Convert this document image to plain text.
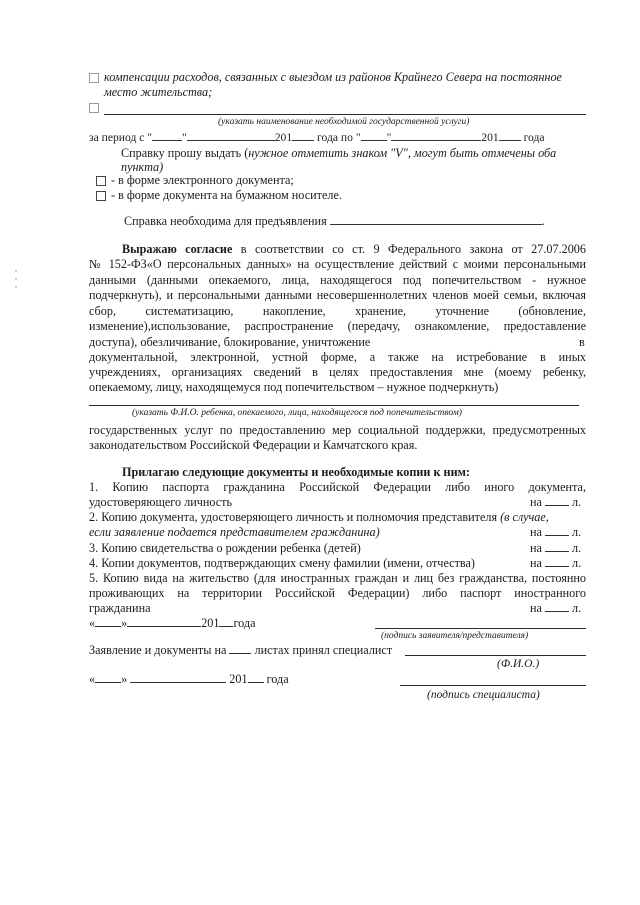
компенсации расходов, связанных с выездом из районов Крайнего Севера на постоянное
место жительства;
(указать наименование необходимой государственной услуги)
за период с "	"	201 года по " "	201 года
Справку прошу выдать (нужное отметить знаком "V", могут быть отмечены оба
пункта)
- в форме электронного документа;
- в форме документа на бумажном носителе.
Справка необходима для предъявления	.
Выражаю согласие в соответствии со ст. 9 Федерального закона от 27.07.2006
№ 152-ФЗ«О персональных данных» на осуществление действий с моими персональными
данными (данными опекаемого, лица, находящегося под попечительством - нужное
подчеркнуть), и персональными данными несовершеннолетних членов моей семьи, включая
сбор, систематизацию, накопление, хранение, уточнение (обновление,
изменение),использование, распространение (передачу, ознакомление, предоставление
доступа), обезличивание, блокирование, уничтожение	в
документальной, электронной, устной форме, а также на истребование в иных
учреждениях, организациях сведений в целях предоставления мне (моему ребенку,
опекаемому, лицу, находящемуся под попечительством – нужное подчеркнуть)
(указать Ф.И.О. ребенка, опекаемого, лица, находящегося под попечительством)
государственных услуг по предоставлению мер социальной поддержки, предусмотренных
законодательством Российской Федерации и Камчатского края.
Прилагаю следующие документы и необходимые копии к ним:
1. Копию паспорта гражданина Российской Федерации либо иного документа,
удостоверяющего личность	на л.
2. Копию документа, удостоверяющего личность и полномочия представителя (в случае,
если заявление подается представителем гражданина)	на л.
3. Копию свидетельства о рождении ребенка (детей)	на л.
4. Копии документов, подтверждающих смену фамилии (имени, отчества)	на л.
5. Копию вида на жительство (для иностранных граждан и лиц без гражданства, постоянно
проживающих на территории Российской Федерации) либо паспорт иностранного
гражданина	на л.
« »	201 года
(подпись заявителя/представителя)
Заявление и документы на листах принял специалист
(Ф.И.О.)
« »	201 года
(подпись специалиста)
